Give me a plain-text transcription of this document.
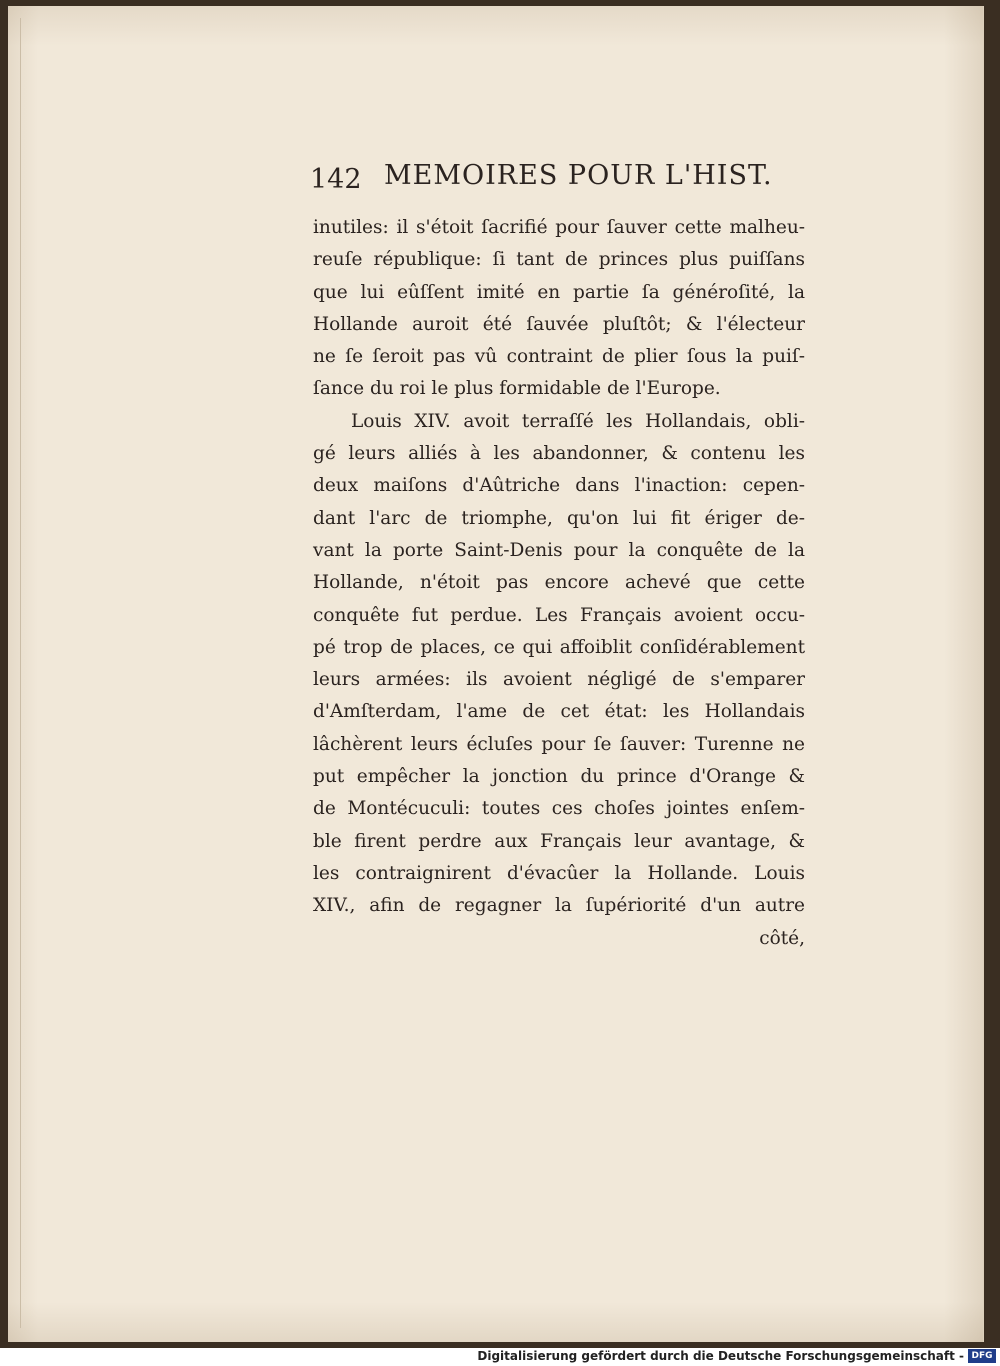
142 MEMOIRES POUR L'HIST.
inutiles: il s'étoit ſacrifié pour ſauver cette malheu-
reuſe république: ſi tant de princes plus puiſſans
que lui eûſſent imité en partie ſa généroſité, la
Hollande auroit été ſauvée pluſtôt; & l'électeur
ne ſe ſeroit pas vû contraint de plier ſous la puiſ-
ſance du roi le plus formidable de l'Europe.
Louis XIV. avoit terraſſé les Hollandais, obli-
gé leurs alliés à les abandonner, & contenu les
deux maiſons d'Aûtriche dans l'inaction: cepen-
dant l'arc de triomphe, qu'on lui fit ériger de-
vant la porte Saint-Denis pour la conquête de la
Hollande, n'étoit pas encore achevé que cette
conquête fut perdue. Les Français avoient occu-
pé trop de places, ce qui affoiblit conſidérablement
leurs armées: ils avoient négligé de s'emparer
d'Amſterdam, l'ame de cet état: les Hollandais
lâchèrent leurs écluſes pour ſe ſauver: Turenne ne
put empêcher la jonction du prince d'Orange &
de Montécuculi: toutes ces choſes jointes enſem-
ble firent perdre aux Français leur avantage, &
les contraignirent d'évacûer la Hollande. Louis
XIV., afin de regagner la ſupériorité d'un autre
côté,
Digitalisierung gefördert durch die Deutsche Forschungsgemeinschaft - DFG
